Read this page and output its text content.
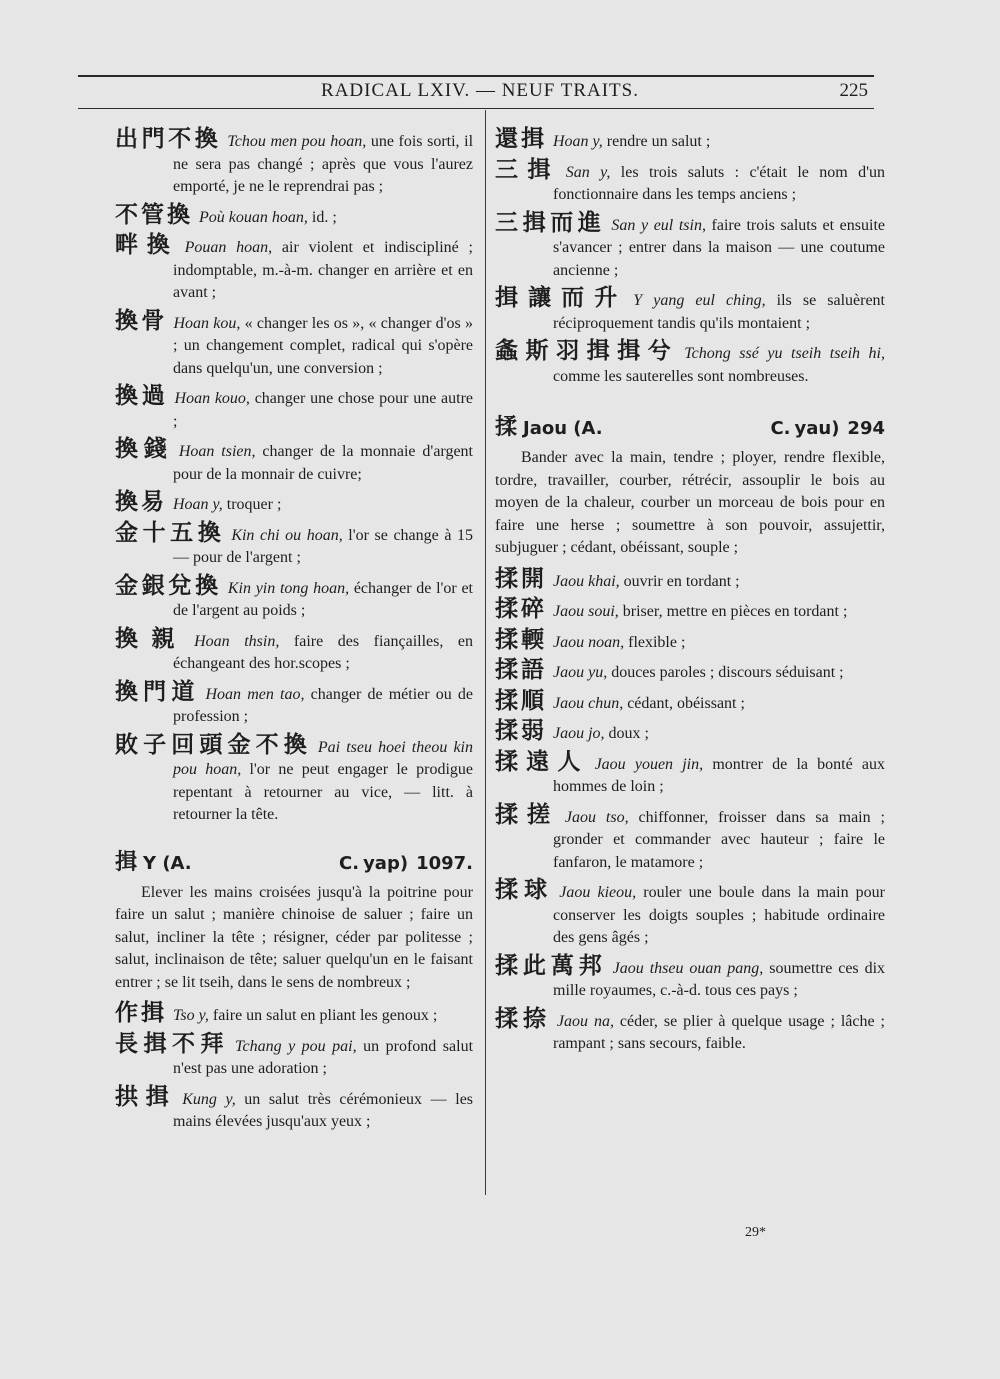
RADICAL LXIV. — NEUF TRAITS.	225
出門不換 Tchou men pou hoan, une fois sorti, il ne sera pas changé ; après que vous l'aurez emporté, je ne le reprendrai pas ;
不管換 Poù kouan hoan, id. ;
畔換 Pouan hoan, air violent et indiscipliné ; indomptable, m.-à-m. changer en arrière et en avant ;
換骨 Hoan kou, « changer les os », « changer d'os » ; un changement complet, radical qui s'opère dans quelqu'un, une conversion ;
換過 Hoan kouo, changer une chose pour une autre ;
換錢 Hoan tsien, changer de la monnaie d'argent pour de la monnair de cuivre;
換易 Hoan y, troquer ;
金十五換 Kin chi ou hoan, l'or se change à 15 — pour de l'argent ;
金銀兌換 Kin yin tong hoan, échanger de l'or et de l'argent au poids ;
換親 Hoan thsin, faire des fiançailles, en échangeant des hor.scopes ;
換門道 Hoan men tao, changer de métier ou de profession ;
敗子回頭金不換 Pai tseu hoei theou kin pou hoan, l'or ne peut engager le prodigue repentant à retourner au vice, — litt. à retourner la tête.
揖 Y (A.	C. yap) 1097.

Elever les mains croisées jusqu'à la poitrine pour faire un salut ; manière chinoise de saluer ; faire un salut, incliner la tête ; résigner, céder par politesse ; salut, inclinaison de tête; saluer quelqu'un en le faisant entrer ; se lit tseih, dans le sens de nombreux ;

作揖 Tso y, faire un salut en pliant les genoux ;
長揖不拜 Tchang y pou pai, un profond salut n'est pas une adoration ;
拱揖 Kung y, un salut très cérémonieux — les mains élevées jusqu'aux yeux ;
還揖 Hoan y, rendre un salut ;
三揖 San y, les trois saluts : c'était le nom d'un fonctionnaire dans les temps anciens ;
三揖而進 San y eul tsin, faire trois saluts et ensuite s'avancer ; entrer dans la maison — une coutume ancienne ;
揖讓而升 Y yang eul ching, ils se saluèrent réciproquement tandis qu'ils montaient ;
螽斯羽揖揖兮 Tchong ssé yu tseih tseih hi, comme les sauterelles sont nombreuses.
揉 Jaou (A.	C. yau) 294

Bander avec la main, tendre ; ployer, rendre flexible, tordre, travailler, courber, rétrécir, assouplir le bois au moyen de la chaleur, courber un morceau de bois pour en faire une herse ; soumettre à son pouvoir, assujettir, subjuguer ; cédant, obéissant, souple ;

揉開 Jaou khai, ouvrir en tordant ;
揉碎 Jaou soui, briser, mettre en pièces en tordant ;
揉輭 Jaou noan, flexible ;
揉語 Jaou yu, douces paroles ; discours séduisant ;
揉順 Jaou chun, cédant, obéissant ;
揉弱 Jaou jo, doux ;
揉遠人 Jaou youen jin, montrer de la bonté aux hommes de loin ;
揉搓 Jaou tso, chiffonner, froisser dans sa main ; gronder et commander avec hauteur ; faire le fanfaron, le matamore ;
揉球 Jaou kieou, rouler une boule dans la main pour conserver les doigts souples ; habitude ordinaire des gens âgés ;
揉此萬邦 Jaou thseu ouan pang, soumettre ces dix mille royaumes, c.-à-d. tous ces pays ;
揉捺 Jaou na, céder, se plier à quelque usage ; lâche ; rampant ; sans secours, faible.
29*
